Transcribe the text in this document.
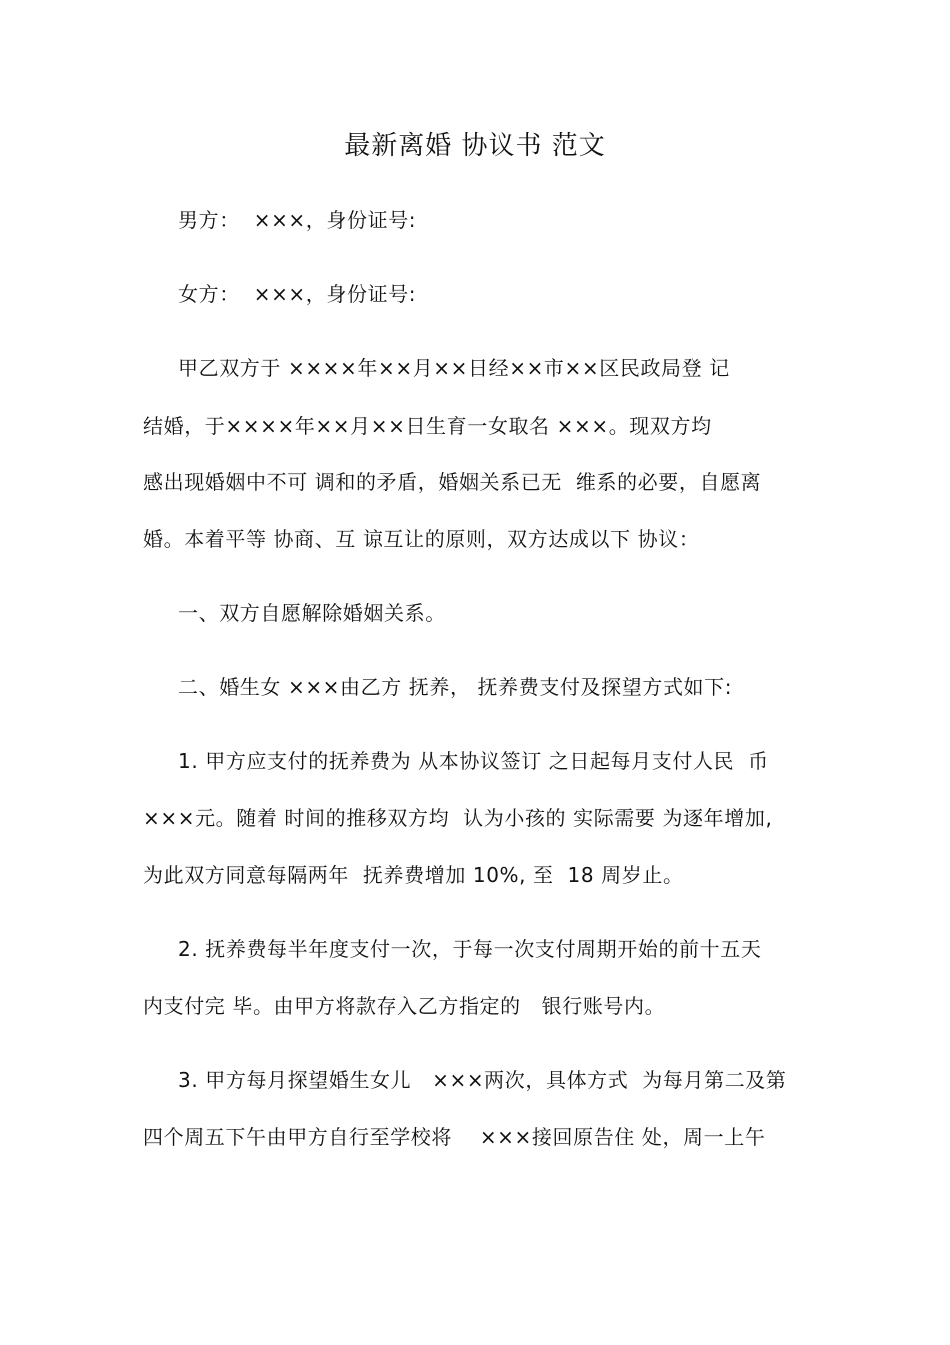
最新离婚 协议书 范文
男方：  ×××，身份证号:
女方：  ×××，身份证号:
甲乙双方于 ××××年××月××日经××市××区民政局登 记
结婚，于××××年××月××日生育一女取名 ×××。现双方均
感出现婚姻中不可 调和的矛盾，婚姻关系已无  维系的必要，自愿离
婚。本着平等 协商、互 谅互让的原则，双方达成以下 协议：
一、双方自愿解除婚姻关系。
二、婚生女 ×××由乙方 抚养， 抚养费支付及探望方式如下:
1. 甲方应支付的抚养费为 从本协议签订 之日起每月支付人民  币
×××元。随着 时间的推移双方均  认为小孩的 实际需要 为逐年增加,
为此双方同意每隔两年  抚养费增加 10%, 至  18 周岁止。
2. 抚养费每半年度支付一次，于每一次支付周期开始的前十五天
内支付完 毕。由甲方将款存入乙方指定的   银行账号内。
3. 甲方每月探望婚生女儿   ×××两次，具体方式  为每月第二及第
四个周五下午由甲方自行至学校将    ×××接回原告住 处，周一上午
